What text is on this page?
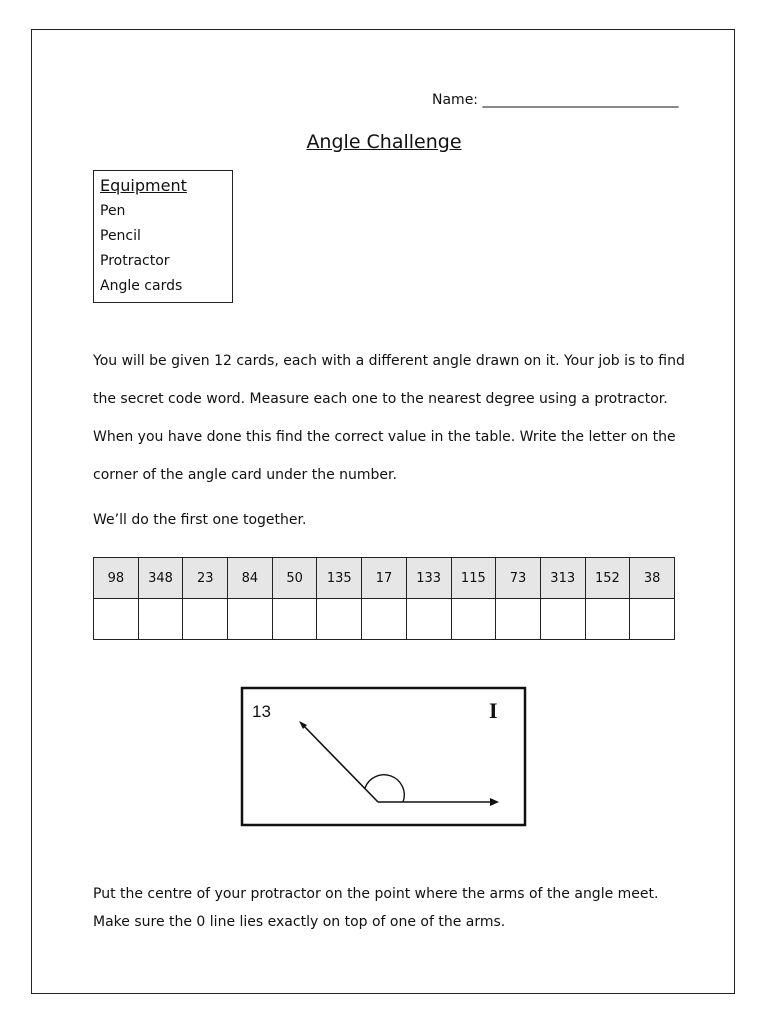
Name: ____________________________
Angle Challenge
Equipment
Pen
Pencil
Protractor
Angle cards

You will be given 12 cards, each with a different angle drawn on it. Your job is to find

the secret code word. Measure each one to the nearest degree using a protractor.

When you have done this find the correct value in the table. Write the letter on the

corner of the angle card under the number.

We’ll do the first one together.
98	348	23	84	50	135	17	133	115	73	313	152	38

13	I

Put the centre of your protractor on the point where the arms of the angle meet.

Make sure the 0 line lies exactly on top of one of the arms.
